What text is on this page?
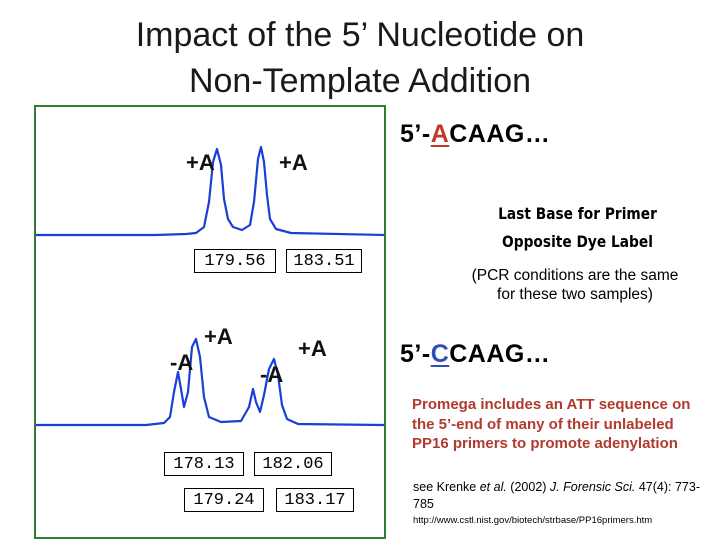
Impact of the 5’ Nucleotide on
Non-Template Addition
+A	+A
179.56	183.51
+A
-A
+A
-A
178.13	182.06
179.24	183.17
5’-ACAAG…
Last Base for Primer
Opposite Dye Label
(PCR conditions are the same
for these two samples)
5’-CCAAG…
Promega includes an ATT sequence on the 5’-end of many of their unlabeled PP16 primers to promote adenylation
see Krenke et al. (2002) J. Forensic Sci. 47(4): 773-785
http://www.cstl.nist.gov/biotech/strbase/PP16primers.htm
